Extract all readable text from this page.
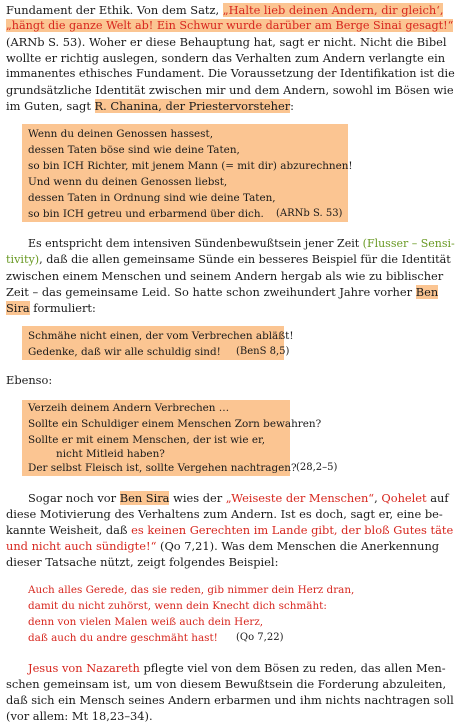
Fundament der Ethik. Von dem Satz, „Halte lieb deinen Andern, dir gleich‘,
„hängt die ganze Welt ab! Ein Schwur wurde darüber am Berge Sinai gesagt!“
(ARNb S. 53). Woher er diese Behauptung hat, sagt er nicht. Nicht die Bibel
wollte er richtig auslegen, sondern das Verhalten zum Andern verlangte ein
immanentes ethisches Fundament. Die Voraussetzung der Identifikation ist die
grundsätzliche Identität zwischen mir und dem Andern, sowohl im Bösen wie
im Guten, sagt R. Chanina, der Priestervorsteher:
Wenn du deinen Genossen hassest,
dessen Taten böse sind wie deine Taten,
so bin ICH Richter, mit jenem Mann (= mit dir) abzurechnen!
Und wenn du deinen Genossen liebst,
dessen Taten in Ordnung sind wie deine Taten,
so bin ICH getreu und erbarmend über dich. (ARNb S. 53)
Es entspricht dem intensiven Sündenbewußtsein jener Zeit (Flusser – Sensi-
tivity), daß die allen gemeinsame Sünde ein besseres Beispiel für die Identität
zwischen einem Menschen und seinem Andern hergab als wie zu biblischer
Zeit – das gemeinsame Leid. So hatte schon zweihundert Jahre vorher Ben
Sira formuliert:
Schmähe nicht einen, der vom Verbrechen abläßt!
Gedenke, daß wir alle schuldig sind! (BenS 8,5)
Ebenso:
Verzeih deinem Andern Verbrechen …
Sollte ein Schuldiger einem Menschen Zorn bewahren?
Sollte er mit einem Menschen, der ist wie er,
nicht Mitleid haben?
Der selbst Fleisch ist, sollte Vergehen nachtragen? (28,2–5)
Sogar noch vor Ben Sira wies der „Weiseste der Menschen“, Qohelet auf
diese Motivierung des Verhaltens zum Andern. Ist es doch, sagt er, eine be-
kannte Weisheit, daß es keinen Gerechten im Lande gibt, der bloß Gutes täte
und nicht auch sündigte!“ (Qo 7,21). Was dem Menschen die Anerkennung
dieser Tatsache nützt, zeigt folgendes Beispiel:
Auch alles Gerede, das sie reden, gib nimmer dein Herz dran,
damit du nicht zuhörst, wenn dein Knecht dich schmäht:
denn von vielen Malen weiß auch dein Herz,
daß auch du andre geschmäht hast! (Qo 7,22)
Jesus von Nazareth pflegte viel von dem Bösen zu reden, das allen Men-
schen gemeinsam ist, um von diesem Bewußtsein die Forderung abzuleiten,
daß sich ein Mensch seines Andern erbarmen und ihm nichts nachtragen soll
(vor allem: Mt 18,23–34).
